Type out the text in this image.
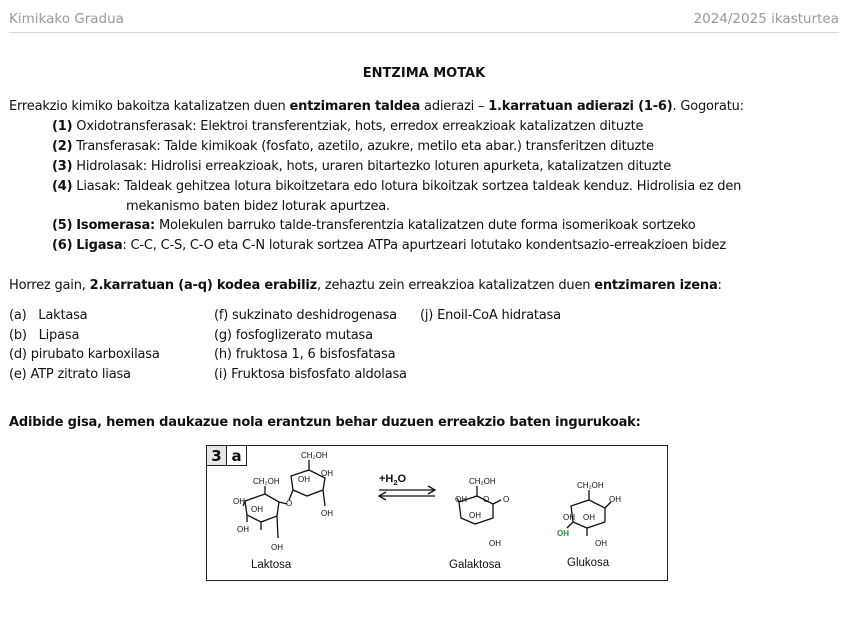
Kimikako Gradua	2024/2025 ikasturtea
ENTZIMA MOTAK
Erreakzio kimiko bakoitza katalizatzen duen entzimaren taldea adierazi – 1.karratuan adierazi (1-6). Gogoratu:
(1) Oxidotransferasak: Elektroi transferentziak, hots, erredox erreakzioak katalizatzen dituzte
(2) Transferasak: Talde kimikoak (fosfato, azetilo, azukre, metilo eta abar.) transferitzen dituzte
(3) Hidrolasak: Hidrolisi erreakzioak, hots, uraren bitartezko loturen apurketa, katalizatzen dituzte
(4) Liasak: Taldeak gehitzea lotura bikoitzetara edo lotura bikoitzak sortzea taldeak kenduz. Hidrolisia ez den
mekanismo baten bidez loturak apurtzea.
(5) Isomerasa: Molekulen barruko talde-transferentzia katalizatzen dute forma isomerikoak sortzeko
(6) Ligasa: C-C, C-S, C-O eta C-N loturak sortzea ATPa apurtzeari lotutako kondentsazio-erreakzioen bidez
Horrez gain, 2.karratuan (a-q) kodea erabiliz, zehaztu zein erreakzioa katalizatzen duen entzimaren izena:
(a)   Laktasa
(b)   Lipasa
(d) pirubato karboxilasa
(e) ATP zitrato liasa
(f) sukzinato deshidrogenasa
(g) fosfoglizerato mutasa
(h) fruktosa 1, 6 bisfosfatasa
(i) Fruktosa bisfosfato aldolasa
(j) Enoil-CoA hidratasa
Adibide gisa, hemen daukazue nola erantzun behar duzuen erreakzio baten ingurukoak:
3 a
CH₂OH
CH₂OH
OH
OH
OH
OH
O
OH
OH
OH
Laktosa
$+H_2O$	CH₂OH
OH
OH
O O
OH
Galaktosa
CH₂OH
OH
OH OH
OH
OH
Glukosa
